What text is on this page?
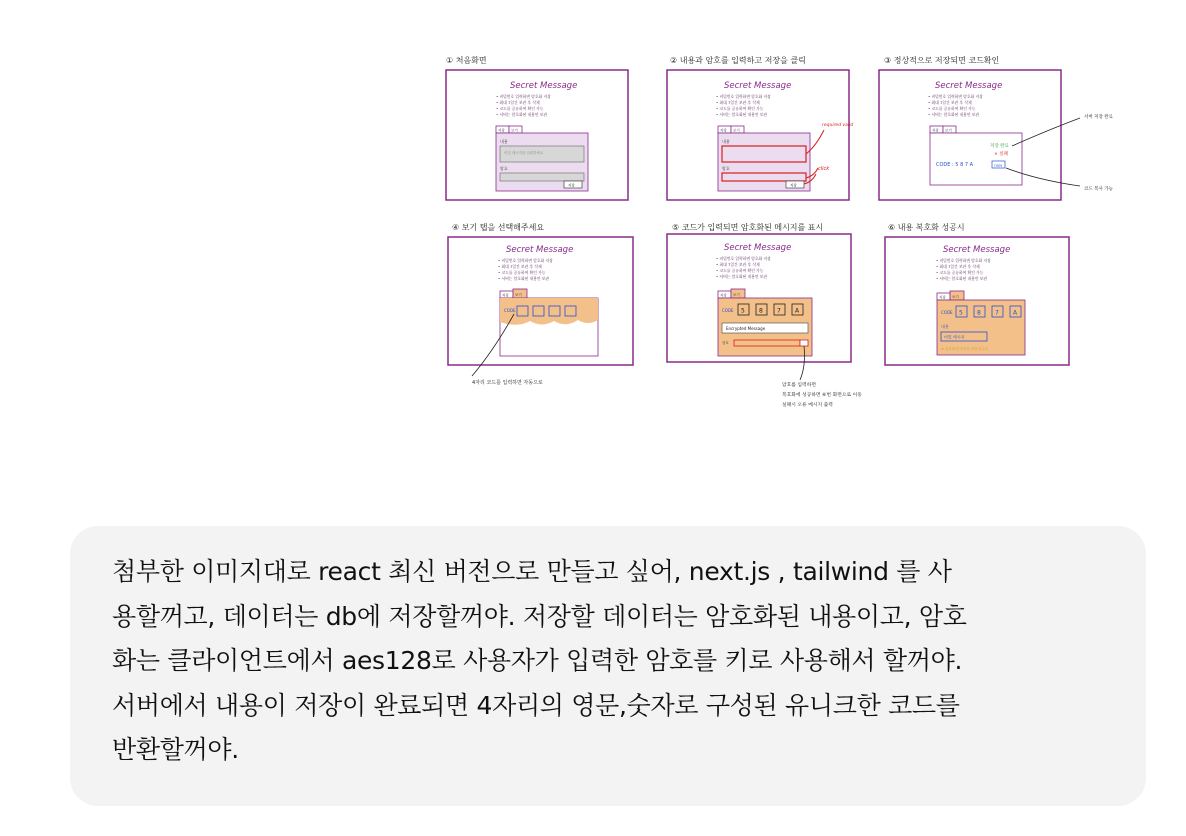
① 처음화면
Secret Message
• 비밀번호 입력하면 암호화 저장
• 최대 7일간 보관 후 삭제
• 코드를 공유하여 확인 가능
• 서버는 암호화된 내용만 보관
저장 보기
내용
비밀 메시지를 입력하세요
암호
저장
② 내용과 암호를 입력하고 저장을 클릭
Secret Message
• 비밀번호 입력하면 암호화 저장
• 최대 7일간 보관 후 삭제
• 코드를 공유하여 확인 가능
• 서버는 암호화된 내용만 보관
저장 보기
내용
암호
저장
required valid
click
③ 정상적으로 저장되면 코드확인
Secret Message
• 비밀번호 입력하면 암호화 저장
• 최대 7일간 보관 후 삭제
• 코드를 공유하여 확인 가능
• 서버는 암호화된 내용만 보관
저장 보기
저장 완료
× 실패
CODE : 5 8 7 A	copy
서버 저장 완료
코드 복사 가능
④ 보기 탭을 선택해주세요
Secret Message
• 비밀번호 입력하면 암호화 저장
• 최대 7일간 보관 후 삭제
• 코드를 공유하여 확인 가능
• 서버는 암호화된 내용만 보관
저장 보기
CODE
4자리 코드를 입력하면 자동으로
⑤ 코드가 입력되면 암호화된 메시지를 표시
Secret Message
• 비밀번호 입력하면 암호화 저장
• 최대 7일간 보관 후 삭제
• 코드를 공유하여 확인 가능
• 서버는 암호화된 내용만 보관
저장 보기
CODE 5 8 7 A
Encrypted Message
암호
암호를 입력하면
복호화에 성공하면 ⑥번 화면으로 이동
실패시 오류 메시지 출력
⑥ 내용 복호화 성공시
Secret Message
• 비밀번호 입력하면 암호화 저장
• 최대 7일간 보관 후 삭제
• 코드를 공유하여 확인 가능
• 서버는 암호화된 내용만 보관
저장 보기
CODE 5 8 7 A
내용
비밀 메시지
※ 복호화에 성공한 내용입니다

첨부한 이미지대로 react 최신 버전으로 만들고 싶어, next.js , tailwind 를 사
용할꺼고, 데이터는 db에 저장할꺼야. 저장할 데이터는 암호화된 내용이고, 암호
화는 클라이언트에서 aes128로 사용자가 입력한 암호를 키로 사용해서 할꺼야.
서버에서 내용이 저장이 완료되면 4자리의 영문,숫자로 구성된 유니크한 코드를
반환할꺼야.
